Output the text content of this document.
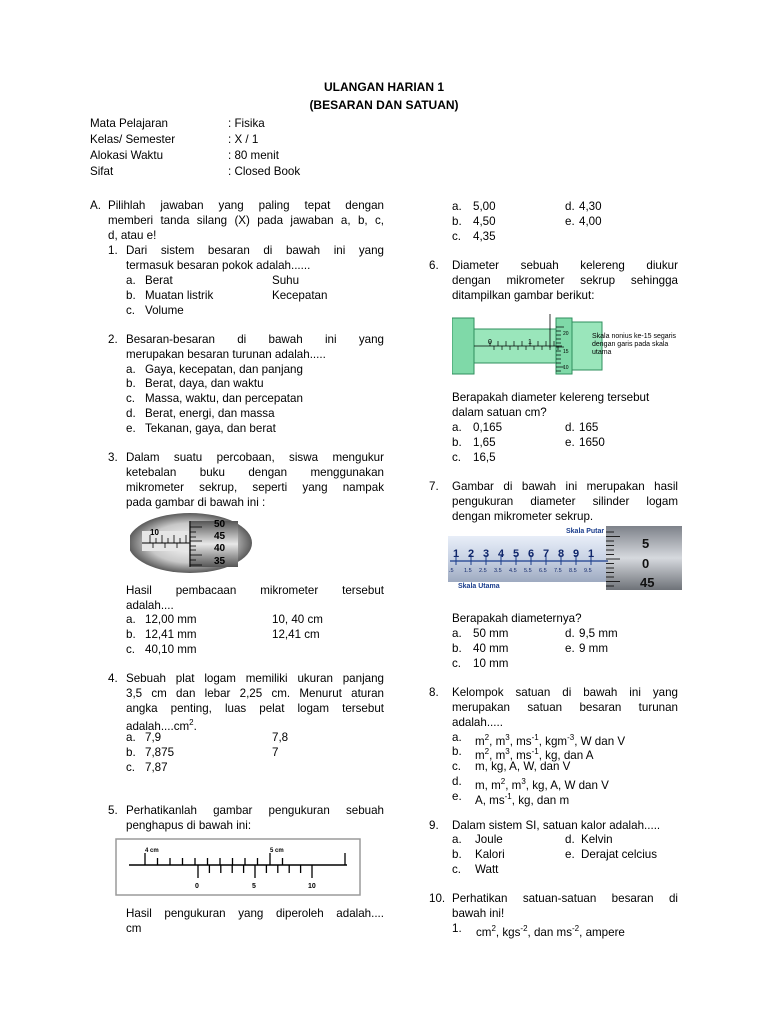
ULANGAN HARIAN 1
(BESARAN DAN SATUAN)
Mata Pelajaran	: Fisika
Kelas/ Semester	: X / 1
Alokasi Waktu	: 80 menit
Sifat	: Closed Book
A. Pilihlah jawaban yang paling tepat dengan
memberi tanda silang (X) pada jawaban a, b, c,
d, atau e!
1. Dari sistem besaran di bawah ini yang
termasuk besaran pokok adalah......
a. Berat	Suhu
b. Muatan listrik	Kecepatan
c. Volume
2. Besaran-besaran di bawah ini yang
merupakan besaran turunan adalah.....
a. Gaya, kecepatan, dan panjang
b. Berat, daya, dan waktu
c. Massa, waktu, dan percepatan
d. Berat, energi, dan massa
e. Tekanan, gaya, dan berat
3. Dalam suatu percobaan, siswa mengukur
ketebalan buku dengan menggunakan
mikrometer sekrup, seperti yang nampak
pada gambar di bawah ini :
10
50
45
40
35
Hasil pembacaan mikrometer tersebut
adalah....
a. 12,00 mm	10, 40 cm
b. 12,41 mm	12,41 cm
c. 40,10 mm
4. Sebuah plat logam memiliki ukuran panjang
3,5 cm dan lebar 2,25 cm. Menurut aturan
angka penting, luas pelat logam tersebut
$adalah....cm^2$.
a. 7,9	7,8
b. 7,875	7
c. 7,87
5. Perhatikanlah gambar pengukuran sebuah
penghapus di bawah ini:
4 cm	5 cm
0	5	10
Hasil pengukuran yang diperoleh adalah....
cm
a. 5,00	d. 4,30
b. 4,50	e. 4,00
c. 4,35
6. Diameter sebuah kelereng diukur
dengan mikrometer sekrup sehingga
ditampilkan gambar berikut:
0	1
20
15
10
Skala nonius ke-15 segaris
dengan garis pada skala
utama
Berapakah diameter kelereng tersebut
dalam satuan cm?
a. 0,165	d. 165
b. 1,65	e. 1650
c. 16,5
7. Gambar di bawah ini merupakan hasil
pengukuran diameter silinder logam
dengan mikrometer sekrup.
Skala Putar
Skala Utama
1 2 3 4 5 6 7 8 9 1
.5 1.5 2.5 3.5 4.5 5.5 6.5 7.5 8.5 9.5
5
0
45
Berapakah diameternya?
a. 50 mm	d. 9,5 mm
b. 40 mm	e. 9 mm
c. 10 mm
8. Kelompok satuan di bawah ini yang
merupakan satuan besaran turunan
adalah.....
a. $m^2$, $m^3$, $ms^{-1}$, kgm$^{-3}$, W dan V
b. $m^2$, $m^3$, $ms^{-1}$, kg, dan A
c. m, kg, A, W, dan V
d. m, $m^2$, $m^3$, kg, A, W dan V
e. A, $ms^{-1}$, kg, dan m
9. Dalam sistem SI, satuan kalor adalah.....
a. Joule	d. Kelvin
b. Kalori	e. Derajat celcius
c. Watt
10. Perhatikan satuan-satuan besaran di
bawah ini!
1. $cm^2$, kgs$^{-2}$, dan $ms^{-2}$, ampere
